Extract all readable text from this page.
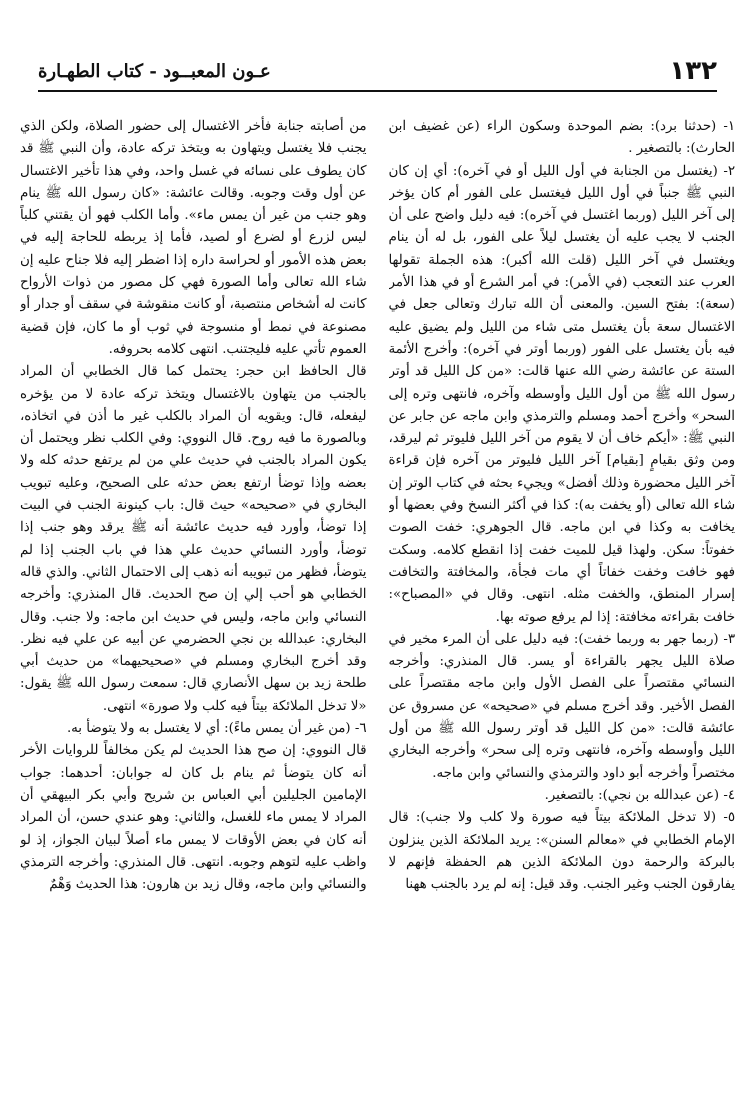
١٣٢
عـون المعبــود - كتاب الطهـارة

١- (حدثنا برد): بضم الموحدة وسكون الراء (عن غضيف ابن الحارث): بالتصغير .

٢- (يغتسل من الجنابة في أول الليل أو في آخره): أي إن كان النبي ﷺ جنباً في أول الليل فيغتسل على الفور أم كان يؤخر إلى آخر الليل (وربما اغتسل في آخره): فيه دليل واضح على أن الجنب لا يجب عليه أن يغتسل ليلاً على الفور، بل له أن ينام ويغتسل في آخر الليل (قلت الله أكبر): هذه الجملة تقولها العرب عند التعجب (في الأمر): في أمر الشرع أو في هذا الأمر (سعة): بفتح السين. والمعنى أن الله تبارك وتعالى جعل في الاغتسال سعة بأن يغتسل متى شاء من الليل ولم يضيق عليه فيه بأن يغتسل على الفور (وربما أوتر في آخره): وأخرج الأئمة الستة عن عائشة رضي الله عنها قالت: «من كل الليل قد أوتر رسول الله ﷺ من أول الليل وأوسطه وآخره، فانتهى وتره إلى السحر» وأخرج أحمد ومسلم والترمذي وابن ماجه عن جابر عن النبي ﷺ: «أيكم خاف أن لا يقوم من آخر الليل فليوتر ثم ليرقد، ومن وثق بقيامٍ [بقيام] آخر الليل فليوتر من آخره فإن قراءة آخر الليل محضورة وذلك أفضل» ويجيء بحثه في كتاب الوتر إن شاء الله تعالى (أو يخفت به): كذا في أكثر النسخ وفي بعضها أو يخافت به وكذا في ابن ماجه. قال الجوهري: خفت الصوت خفوتاً: سكن. ولهذا قيل للميت خفت إذا انقطع كلامه. وسكت فهو خافت وخفت خفاتاً أي مات فجأة، والمخافتة والتخافت إسرار المنطق، والخفت مثله. انتهى. وقال في «المصباح»: خافت بقراءته مخافتة: إذا لم يرفع صوته بها.

٣- (ربما جهر به وربما خفت): فيه دليل على أن المرء مخير في صلاة الليل يجهر بالقراءة أو يسر. قال المنذري: وأخرجه النسائي مقتصراً على الفصل الأول وابن ماجه مقتصراً على الفصل الأخير. وقد أخرج مسلم في «صحيحه» عن مسروق عن عائشة قالت: «من كل الليل قد أوتر رسول الله ﷺ من أول الليل وأوسطه وآخره، فانتهى وتره إلى سحر» وأخرجه البخاري مختصراً وأخرجه أبو داود والترمذي والنسائي وابن ماجه.

٤- (عن عبدالله بن نجي): بالتصغير.

٥- (لا تدخل الملائكة بيتاً فيه صورة ولا كلب ولا جنب): قال الإمام الخطابي في «معالم السنن»: يريد الملائكة الذين ينزلون بالبركة والرحمة دون الملائكة الذين هم الحفظة فإنهم لا يفارقون الجنب وغير الجنب. وقد قيل: إنه لم يرد بالجنب ههنا

من أصابته جنابة فأخر الاغتسال إلى حضور الصلاة، ولكن الذي يجنب فلا يغتسل ويتهاون به ويتخذ تركه عادة، وأن النبي ﷺ قد كان يطوف على نسائه في غسل واحد، وفي هذا تأخير الاغتسال عن أول وقت وجوبه. وقالت عائشة: «كان رسول الله ﷺ ينام وهو جنب من غير أن يمس ماء». وأما الكلب فهو أن يقتني كلباً ليس لزرع أو لضرع أو لصيد، فأما إذ يربطه للحاجة إليه في بعض هذه الأمور أو لحراسة داره إذا اضطر إليه فلا جناح عليه إن شاء الله تعالى وأما الصورة فهي كل مصور من ذوات الأرواح كانت له أشخاص منتصبة، أو كانت منقوشة في سقف أو جدار أو مصنوعة في نمط أو منسوجة في ثوب أو ما كان، فإن قضية العموم تأتي عليه فليجتنب. انتهى كلامه بحروفه.

قال الحافظ ابن حجر: يحتمل كما قال الخطابي أن المراد بالجنب من يتهاون بالاغتسال ويتخذ تركه عادة لا من يؤخره ليفعله، قال: ويقويه أن المراد بالكلب غير ما أذن في اتخاذه، وبالصورة ما فيه روح. قال النووي: وفي الكلب نظر ويحتمل أن يكون المراد بالجنب في حديث علي من لم يرتفع حدثه كله ولا بعضه وإذا توضأ ارتفع بعض حدثه على الصحيح، وعليه تبويب البخاري في «صحيحه» حيث قال: باب كينونة الجنب في البيت إذا توضأ، وأورد فيه حديث عائشة أنه ﷺ يرقد وهو جنب إذا توضأ، وأورد النسائي حديث علي هذا في باب الجنب إذا لم يتوضأ، فظهر من تبويبه أنه ذهب إلى الاحتمال الثاني. والذي قاله الخطابي هو أحب إلي إن صح الحديث. قال المنذري: وأخرجه النسائي وابن ماجه، وليس في حديث ابن ماجه: ولا جنب. وقال البخاري: عبدالله بن نجي الحضرمي عن أبيه عن علي فيه نظر. وقد أخرج البخاري ومسلم في «صحيحيهما» من حديث أبي طلحة زيد بن سهل الأنصاري قال: سمعت رسول الله ﷺ يقول: «لا تدخل الملائكة بيتاً فيه كلب ولا صورة» انتهى.

٦- (من غير أن يمس ماءً): أي لا يغتسل به ولا يتوضأ به.

قال النووي: إن صح هذا الحديث لم يكن مخالفاً للروايات الأخر أنه كان يتوضأ ثم ينام بل كان له جوابان: أحدهما: جواب الإمامين الجليلين أبي العباس بن شريح وأبي بكر البيهقي أن المراد لا يمس ماء للغسل، والثاني: وهو عندي حسن، أن المراد أنه كان في بعض الأوقات لا يمس ماء أصلاً لبيان الجواز، إذ لو واظب عليه لتوهم وجوبه. انتهى. قال المنذري: وأخرجه الترمذي والنسائي وابن ماجه، وقال زيد بن هارون: هذا الحديث وَهْمٌ
